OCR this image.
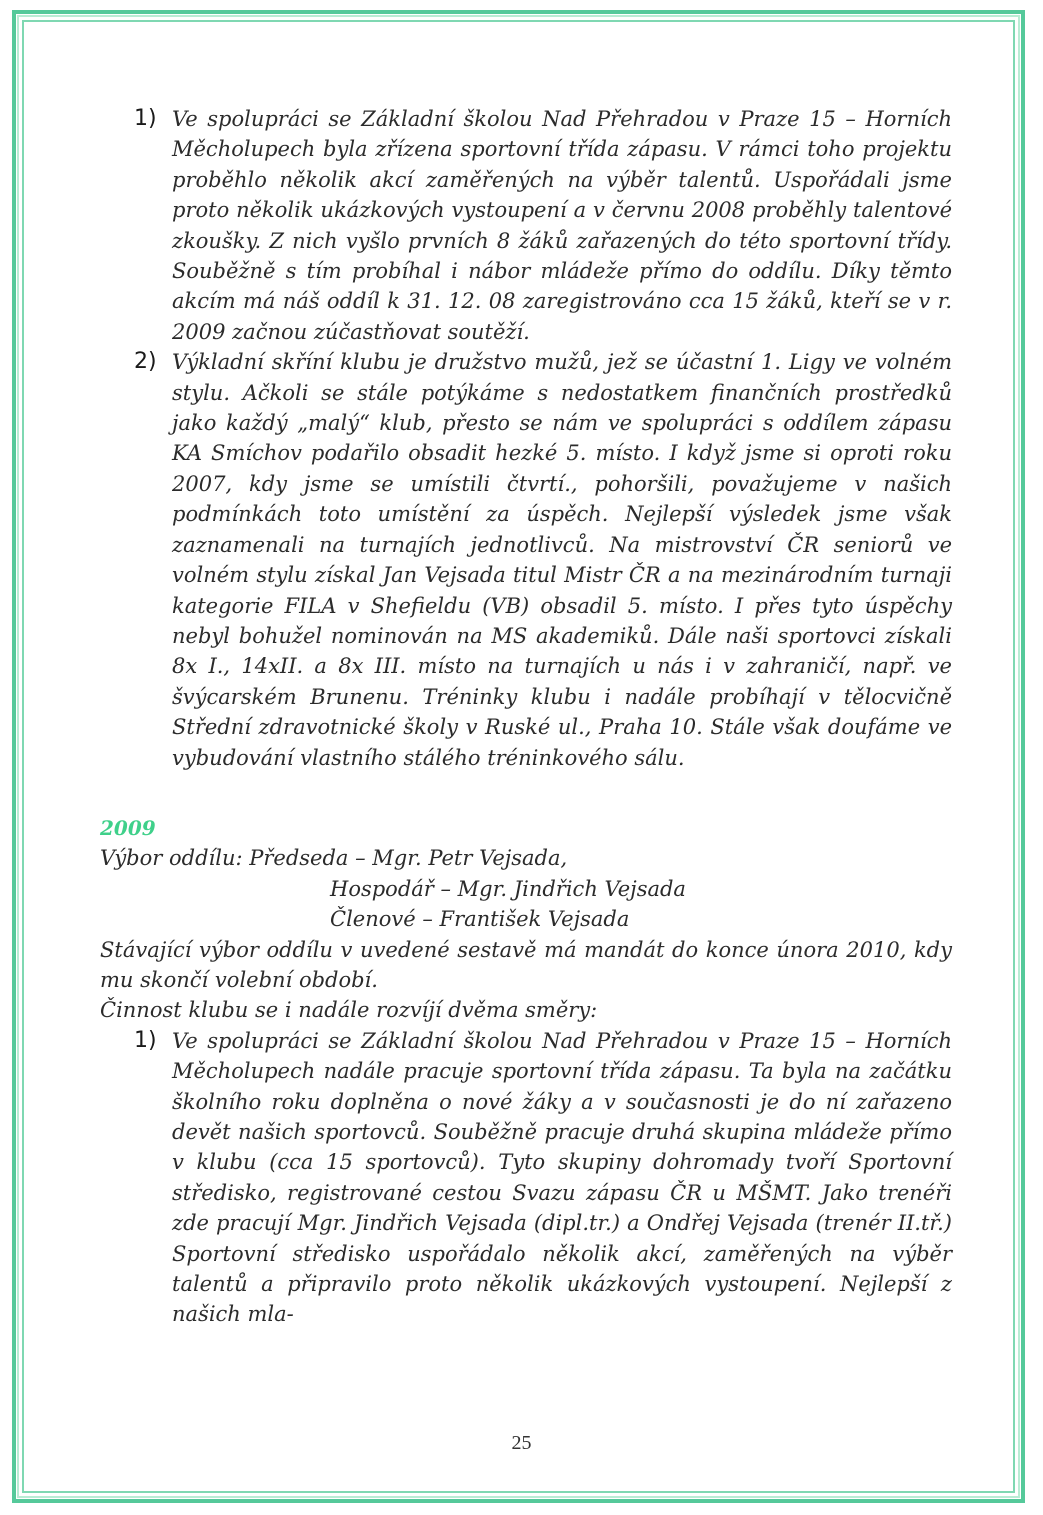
1) Ve spolupráci se Základní školou Nad Přehradou v Praze 15 – Horních Měcholupech byla zřízena sportovní třída zápasu. V rámci toho projektu proběhlo několik akcí zaměřených na výběr talentů. Uspořádali jsme proto několik ukázkových vystoupení a v červnu 2008 proběhly talentové zkoušky. Z nich vyšlo prvních 8 žáků zařazených do této sportovní třídy. Souběžně s tím probíhal i nábor mládeže přímo do oddílu. Díky těmto akcím má náš oddíl k 31. 12. 08 zaregistrováno cca 15 žáků, kteří se v r. 2009 začnou zúčastňovat soutěží.
2) Výkladní skříní klubu je družstvo mužů, jež se účastní 1. Ligy ve volném stylu. Ačkoli se stále potýkáme s nedostatkem finančních prostředků jako každý „malý“ klub, přesto se nám ve spolupráci s oddílem zápasu KA Smíchov podařilo obsadit hezké 5. místo. I když jsme si oproti roku 2007, kdy jsme se umístili čtvrtí., pohoršili, považujeme v našich podmínkách toto umístění za úspěch. Nejlepší výsledek jsme však zaznamenali na turnajích jednotlivců. Na mistrovství ČR seniorů ve volném stylu získal Jan Vejsada titul Mistr ČR a na mezinárodním turnaji kategorie FILA v Shefieldu (VB) obsadil 5. místo. I přes tyto úspěchy nebyl bohužel nominován na MS akademiků. Dále naši sportovci získali 8x I., 14xII. a 8x III. místo na turnajích u nás i v zahraničí, např. ve švýcarském Brunenu. Tréninky klubu i nadále probíhají v tělocvičně Střední zdravotnické školy v Ruské ul., Praha 10. Stále však doufáme ve vybudování vlastního stálého tréninkového sálu.
2009
Výbor oddílu: Předseda – Mgr. Petr Vejsada,
Hospodář – Mgr. Jindřich Vejsada
Členové – František Vejsada
Stávající výbor oddílu v uvedené sestavě má mandát do konce února 2010, kdy mu skončí volební období.
Činnost klubu se i nadále rozvíjí dvěma směry:
1) Ve spolupráci se Základní školou Nad Přehradou v Praze 15 – Horních Měcholupech nadále pracuje sportovní třída zápasu. Ta byla na začátku školního roku doplněna o nové žáky a v současnosti je do ní zařazeno devět našich sportovců. Souběžně pracuje druhá skupina mládeže přímo v klubu (cca 15 sportovců). Tyto skupiny dohromady tvoří Sportovní středisko, registrované cestou Svazu zápasu ČR u MŠMT. Jako trenéři zde pracují Mgr. Jindřich Vejsada (dipl.tr.) a Ondřej Vejsada (trenér II.tř.) Sportovní středisko uspořádalo několik akcí, zaměřených na výběr talentů a připravilo proto několik ukázkových vystoupení. Nejlepší z našich mla-
25
